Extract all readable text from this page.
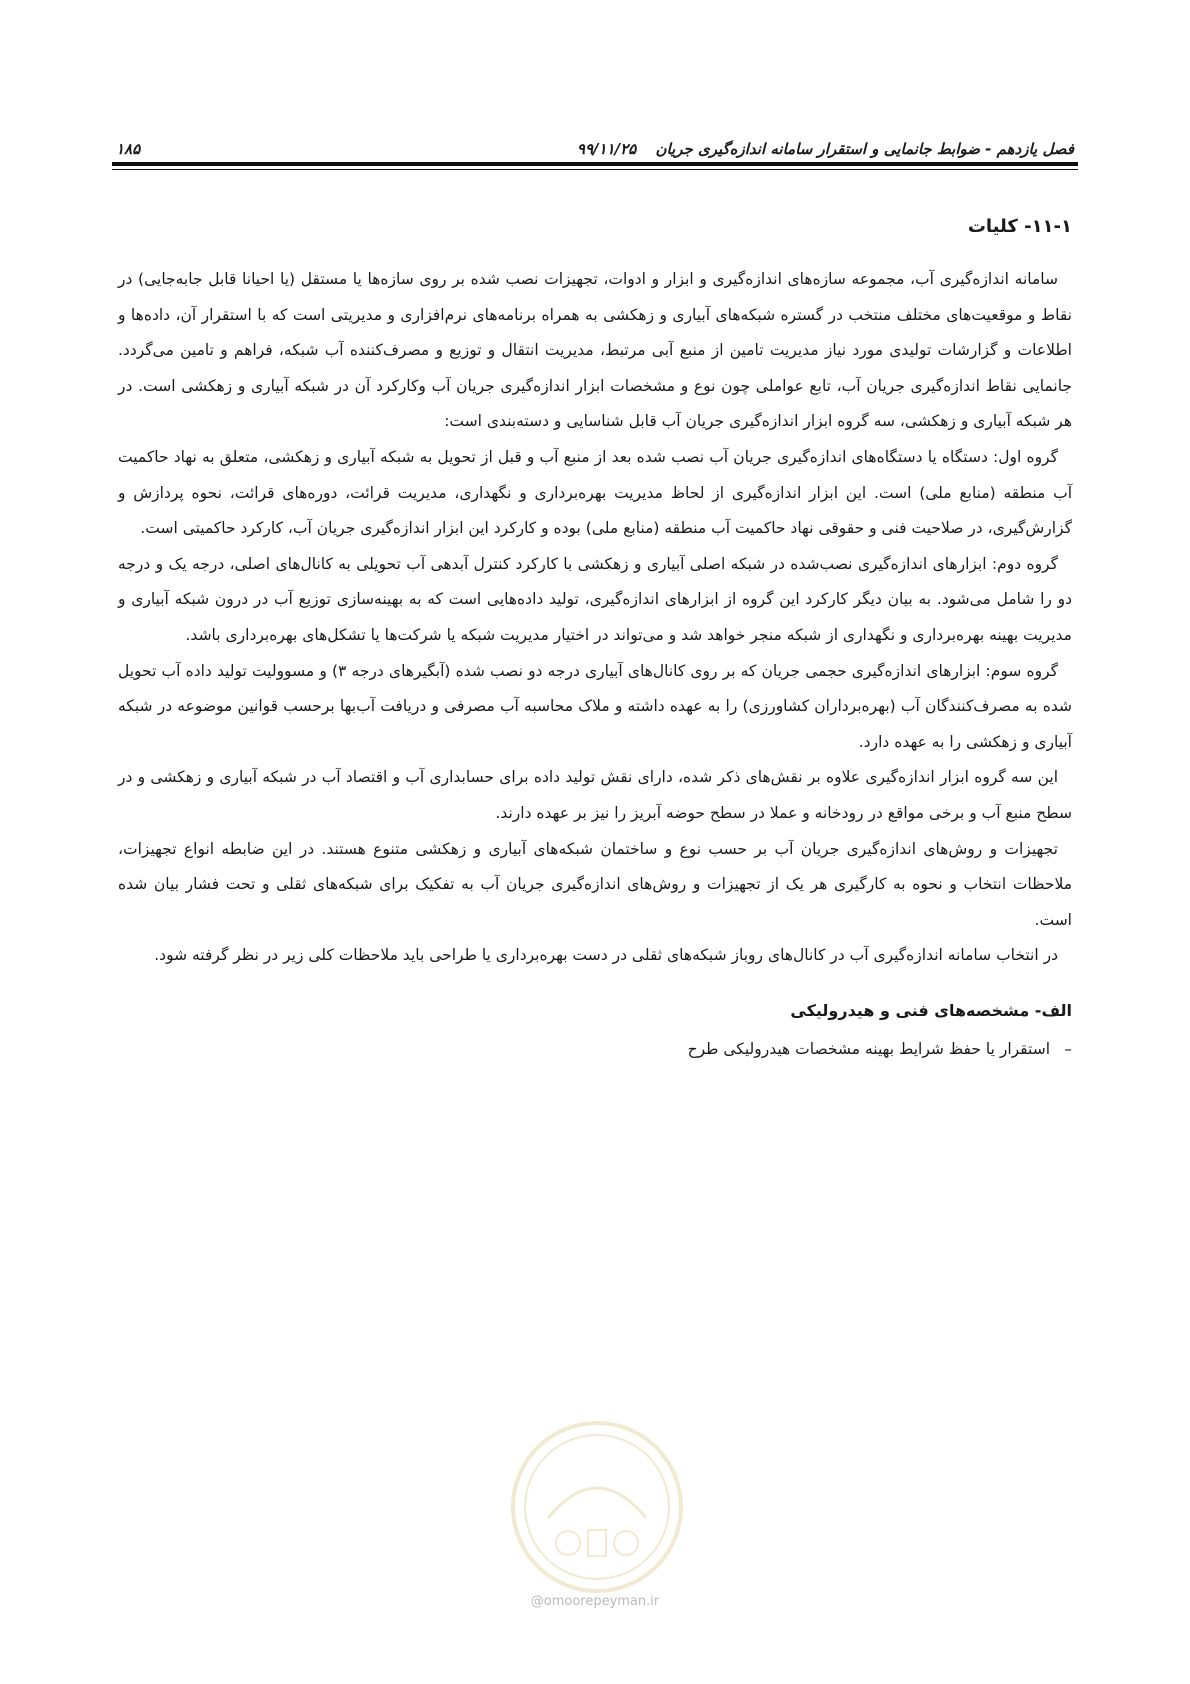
فصل یازدهم - ضوابط جانمایی و استقرار سامانه اندازه‌گیری جریان ۹۹/۱۱/۲۵
۱۸۵
۱۱-۱- کلیات

سامانه اندازه‌گیری آب، مجموعه سازه‌های اندازه‌گیری و ابزار و ادوات، تجهیزات نصب شده بر روی سازه‌ها یا مستقل (یا احیانا قابل جابه‌جایی) در نقاط و موقعیت‌های مختلف منتخب در گستره شبکه‌های آبیاری و زهکشی به همراه برنامه‌های نرم‌افزاری و مدیریتی است که با استقرار آن، داده‌ها و اطلاعات و گزارشات تولیدی مورد نیاز مدیریت تامین از منبع آبی مرتبط، مدیریت انتقال و توزیع و مصرف‌کننده آب شبکه، فراهم و تامین می‌گردد. جانمایی نقاط اندازه‌گیری جریان آب، تابع عواملی چون نوع و مشخصات ابزار اندازه‌گیری جریان آب وکارکرد آن در شبکه آبیاری و زهکشی است. در هر شبکه آبیاری و زهکشی، سه گروه ابزار اندازه‌گیری جریان آب قابل شناسایی و دسته‌بندی است:

گروه اول: دستگاه یا دستگاه‌های اندازه‌گیری جریان آب نصب شده بعد از منبع آب و قبل از تحویل به شبکه آبیاری و زهکشی، متعلق به نهاد حاکمیت آب منطقه (منابع ملی) است. این ابزار اندازه‌گیری از لحاظ مدیریت بهره‌برداری و نگهداری، مدیریت قرائت، دوره‌های قرائت، نحوه پردازش و گزارش‌گیری، در صلاحیت فنی و حقوقی نهاد حاکمیت آب منطقه (منابع ملی) بوده و کارکرد این ابزار اندازه‌گیری جریان آب، کارکرد حاکمیتی است.

گروه دوم: ابزارهای اندازه‌گیری نصب‌شده در شبکه اصلی آبیاری و زهکشی با کارکرد کنترل آبدهی آب تحویلی به کانال‌های اصلی، درجه یک و درجه دو را شامل می‌شود. به بیان دیگر کارکرد این گروه از ابزارهای اندازه‌گیری، تولید داده‌هایی است که به بهینه‌سازی توزیع آب در درون شبکه آبیاری و مدیریت بهینه بهره‌برداری و نگهداری از شبکه منجر خواهد شد و می‌تواند در اختیار مدیریت شبکه یا شرکت‌ها یا تشکل‌های بهره‌برداری باشد.

گروه سوم: ابزارهای اندازه‌گیری حجمی جریان که بر روی کانال‌های آبیاری درجه دو نصب شده (آبگیرهای درجه ۳) و مسوولیت تولید داده آب تحویل شده به مصرف‌کنندگان آب (بهره‌برداران کشاورزی) را به عهده داشته و ملاک محاسبه آب مصرفی و دریافت آب‌بها برحسب قوانین موضوعه در شبکه آبیاری و زهکشی را به عهده دارد.

این سه گروه ابزار اندازه‌گیری علاوه بر نقش‌های ذکر شده، دارای نقش تولید داده برای حسابداری آب و اقتصاد آب در شبکه آبیاری و زهکشی و در سطح منبع آب و برخی مواقع در رودخانه و عملا در سطح حوضه آبریز را نیز بر عهده دارند.

تجهیزات و روش‌های اندازه‌گیری جریان آب بر حسب نوع و ساختمان شبکه‌های آبیاری و زهکشی متنوع هستند. در این ضابطه انواع تجهیزات، ملاحظات انتخاب و نحوه به کارگیری هر یک از تجهیزات و روش‌های اندازه‌گیری جریان آب به تفکیک برای شبکه‌های ثقلی و تحت فشار بیان شده است.

در انتخاب سامانه اندازه‌گیری آب در کانال‌های روباز شبکه‌های ثقلی در دست بهره‌برداری یا طراحی باید ملاحظات کلی زیر در نظر گرفته شود.

الف- مشخصه‌های فنی و هیدرولیکی

–
استقرار یا حفظ شرایط بهینه مشخصات هیدرولیکی طرح

@omoorepeyman.ir
